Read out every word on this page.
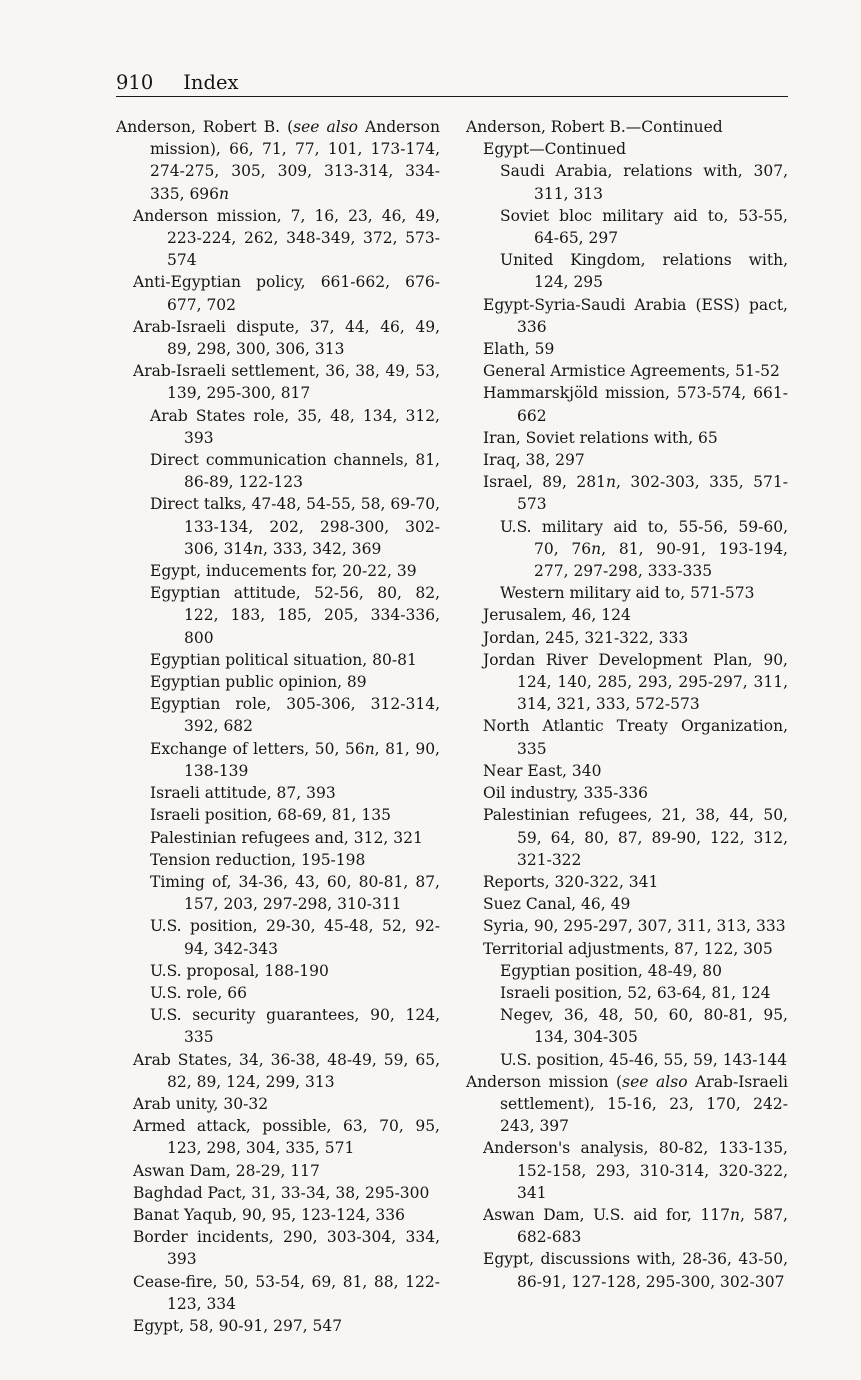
910 Index

Anderson, Robert B. (see also Anderson mission), 66, 71, 77, 101, 173-174, 274-275, 305, 309, 313-314, 334-335, 696n

Anderson mission, 7, 16, 23, 46, 49, 223-224, 262, 348-349, 372, 573-574

Anti-Egyptian policy, 661-662, 676-677, 702

Arab-Israeli dispute, 37, 44, 46, 49, 89, 298, 300, 306, 313

Arab-Israeli settlement, 36, 38, 49, 53, 139, 295-300, 817

Arab States role, 35, 48, 134, 312, 393

Direct communication channels, 81, 86-89, 122-123

Direct talks, 47-48, 54-55, 58, 69-70, 133-134, 202, 298-300, 302-306, 314n, 333, 342, 369

Egypt, inducements for, 20-22, 39

Egyptian attitude, 52-56, 80, 82, 122, 183, 185, 205, 334-336, 800

Egyptian political situation, 80-81

Egyptian public opinion, 89

Egyptian role, 305-306, 312-314, 392, 682

Exchange of letters, 50, 56n, 81, 90, 138-139

Israeli attitude, 87, 393

Israeli position, 68-69, 81, 135

Palestinian refugees and, 312, 321

Tension reduction, 195-198

Timing of, 34-36, 43, 60, 80-81, 87, 157, 203, 297-298, 310-311

U.S. position, 29-30, 45-48, 52, 92-94, 342-343

U.S. proposal, 188-190

U.S. role, 66

U.S. security guarantees, 90, 124, 335

Arab States, 34, 36-38, 48-49, 59, 65, 82, 89, 124, 299, 313

Arab unity, 30-32

Armed attack, possible, 63, 70, 95, 123, 298, 304, 335, 571

Aswan Dam, 28-29, 117

Baghdad Pact, 31, 33-34, 38, 295-300

Banat Yaqub, 90, 95, 123-124, 336

Border incidents, 290, 303-304, 334, 393

Cease-fire, 50, 53-54, 69, 81, 88, 122-123, 334

Egypt, 58, 90-91, 297, 547

Anderson, Robert B.—Continued

Egypt—Continued

Saudi Arabia, relations with, 307, 311, 313

Soviet bloc military aid to, 53-55, 64-65, 297

United Kingdom, relations with, 124, 295

Egypt-Syria-Saudi Arabia (ESS) pact, 336

Elath, 59

General Armistice Agreements, 51-52

Hammarskjöld mission, 573-574, 661-662

Iran, Soviet relations with, 65

Iraq, 38, 297

Israel, 89, 281n, 302-303, 335, 571-573

U.S. military aid to, 55-56, 59-60, 70, 76n, 81, 90-91, 193-194, 277, 297-298, 333-335

Western military aid to, 571-573

Jerusalem, 46, 124

Jordan, 245, 321-322, 333

Jordan River Development Plan, 90, 124, 140, 285, 293, 295-297, 311, 314, 321, 333, 572-573

North Atlantic Treaty Organization, 335

Near East, 340

Oil industry, 335-336

Palestinian refugees, 21, 38, 44, 50, 59, 64, 80, 87, 89-90, 122, 312, 321-322

Reports, 320-322, 341

Suez Canal, 46, 49

Syria, 90, 295-297, 307, 311, 313, 333

Territorial adjustments, 87, 122, 305

Egyptian position, 48-49, 80

Israeli position, 52, 63-64, 81, 124

Negev, 36, 48, 50, 60, 80-81, 95, 134, 304-305

U.S. position, 45-46, 55, 59, 143-144

Anderson mission (see also Arab-Israeli settlement), 15-16, 23, 170, 242-243, 397

Anderson's analysis, 80-82, 133-135, 152-158, 293, 310-314, 320-322, 341

Aswan Dam, U.S. aid for, 117n, 587, 682-683

Egypt, discussions with, 28-36, 43-50, 86-91, 127-128, 295-300, 302-307
